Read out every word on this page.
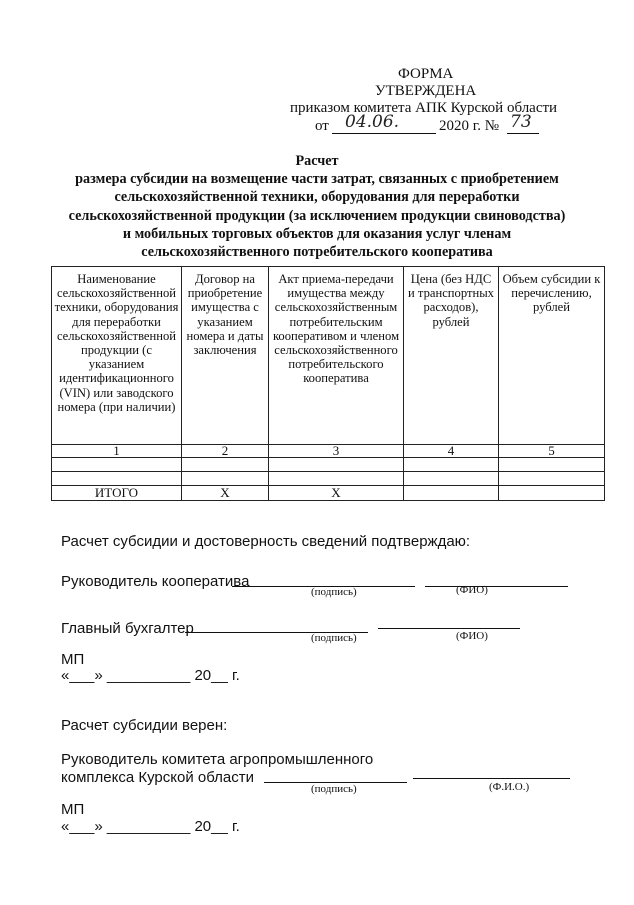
ФОРМА
УТВЕРЖДЕНА
приказом комитета АПК Курской области
от 04.06.	2020 г. № 73
Расчет
размера субсидии на возмещение части затрат, связанных с приобретением
сельскохозяйственной техники, оборудования для переработки
сельскохозяйственной продукции (за исключением продукции свиноводства)
и мобильных торговых объектов для оказания услуг членам
сельскохозяйственного потребительского кооператива
Наименование сельскохозяйственной техники, оборудования для переработки сельскохозяйственной продукции (с указанием идентификационного (VIN) или заводского номера (при наличии)	Договор на приобретение имущества с указанием номера и даты заключения	Акт приема-передачи имущества между сельскохозяйственным потребительским кооперативом и членом сельскохозяйственного потребительского кооператива	Цена (без НДС и транспортных расходов), рублей	Объем субсидии к перечислению, рублей
1	2	3	4	5

ИТОГО	Х	Х		
Расчет субсидии и достоверность сведений подтверждаю:
Руководитель кооператива
(подпись)	(ФИО)
Главный бухгалтер
(подпись)	(ФИО)
МП
«___» __________ 20__ г.
Расчет субсидии верен:
Руководитель комитета агропромышленного
комплекса Курской области
(подпись)	(Ф.И.О.)
МП
«___» __________ 20__ г.
